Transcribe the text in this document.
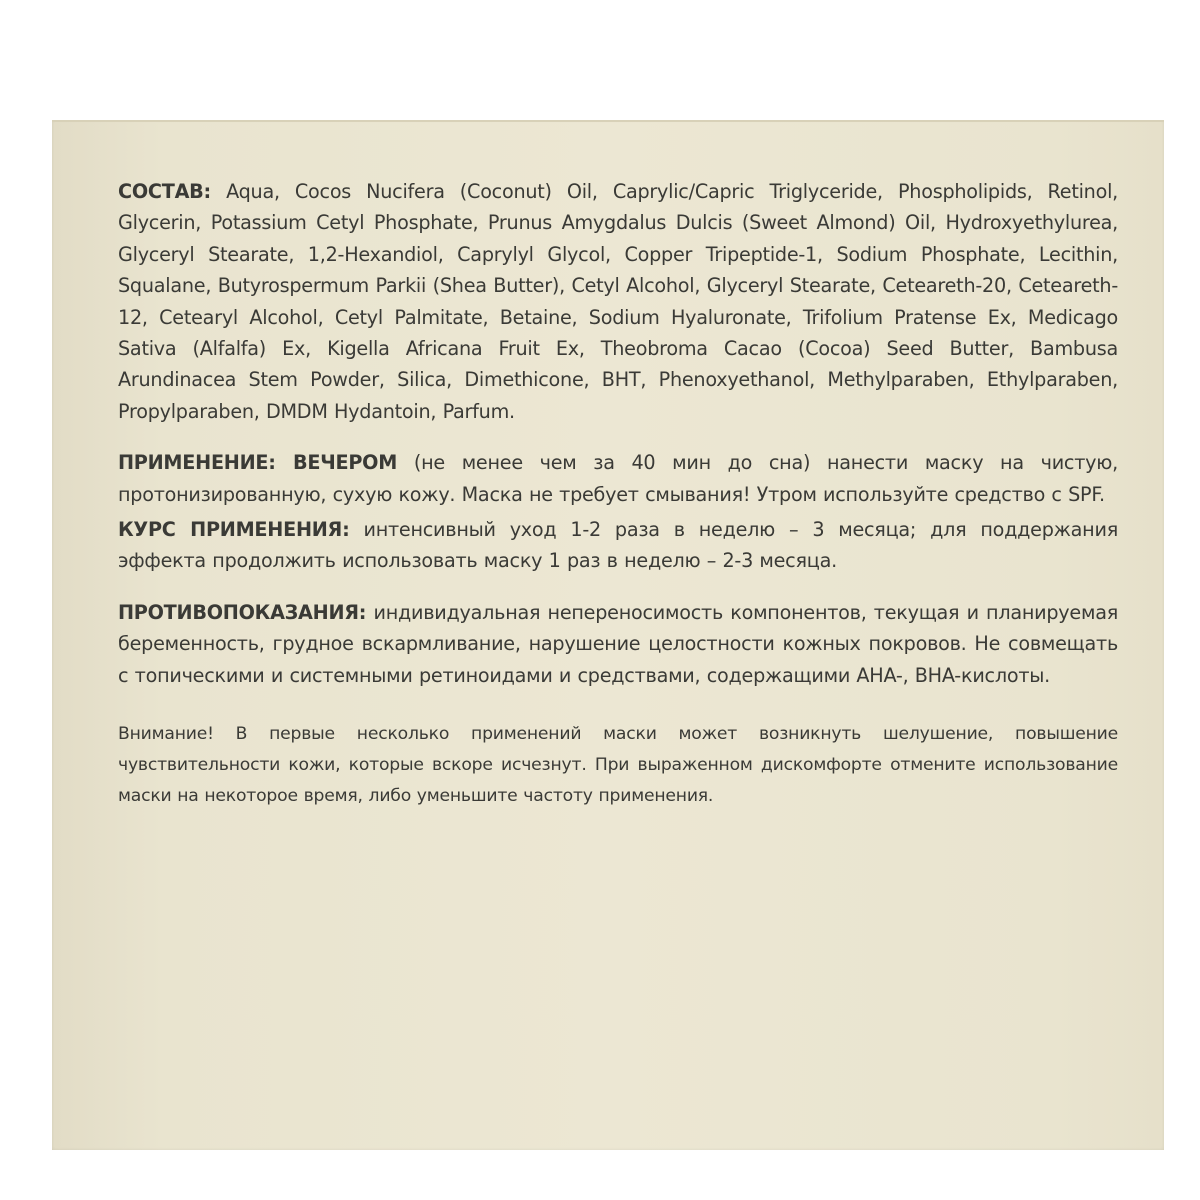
СОСТАВ: Aqua, Cocos Nucifera (Coconut) Oil, Caprylic/Capric Triglyceride, Phospholipids, Retinol, Glycerin, Potassium Cetyl Phosphate, Prunus Amygdalus Dulcis (Sweet Almond) Oil, Hydroxyethylurea, Glyceryl Stearate, 1,2-Hexandiol, Caprylyl Glycol, Copper Tripeptide-1, Sodium Phosphate, Lecithin, Squalane, Butyrospermum Parkii (Shea Butter), Cetyl Alcohol, Glyceryl Stearate, Ceteareth-20, Ceteareth-12, Cetearyl Alcohol, Cetyl Palmitate, Betaine, Sodium Hyaluronate, Trifolium Pratense Ex, Medicago Sativa (Alfalfa) Ex, Kigella Africana Fruit Ex, Theobroma Cacao (Cocoa) Seed Butter, Bambusa Arundinacea Stem Powder, Silica, Dimethicone, BHT, Phenoxyethanol, Methylparaben, Ethylparaben, Propylparaben, DMDM Hydantoin, Parfum.

ПРИМЕНЕНИЕ: ВЕЧЕРОМ (не менее чем за 40 мин до сна) нанести маску на чистую, протонизированную, сухую кожу. Маска не требует смывания! Утром используйте средство с SPF.

КУРС ПРИМЕНЕНИЯ: интенсивный уход 1-2 раза в неделю – 3 месяца; для поддержания эффекта продолжить использовать маску 1 раз в неделю – 2-3 месяца.

ПРОТИВОПОКАЗАНИЯ: индивидуальная непереносимость компонентов, текущая и планируемая беременность, грудное вскармливание, нарушение целостности кожных покровов. Не совмещать с топическими и системными ретиноидами и средствами, содержащими AHA-, BHA-кислоты.

Внимание! В первые несколько применений маски может возникнуть шелушение, повышение чувствительности кожи, которые вскоре исчезнут. При выраженном дискомфорте отмените использование маски на некоторое время, либо уменьшите частоту применения.
